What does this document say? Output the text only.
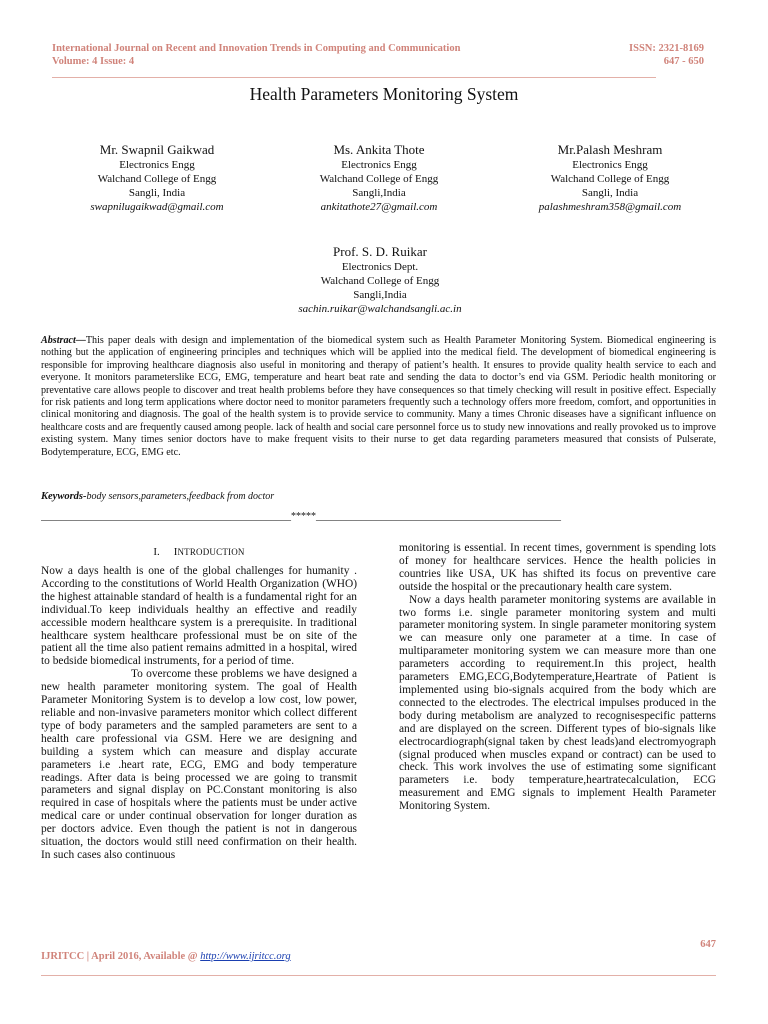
International Journal on Recent and Innovation Trends in Computing and Communication
Volume: 4 Issue: 4
ISSN: 2321-8169
647 - 650
Health Parameters Monitoring System
Mr. Swapnil Gaikwad
Electronics Engg
Walchand College of Engg
Sangli, India
swapnilugaikwad@gmail.com
Ms. Ankita Thote
Electronics Engg
Walchand College of Engg
Sangli,India
ankitathote27@gmail.com
Mr.Palash Meshram
Electronics Engg
Walchand College of Engg
Sangli, India
palashmeshram358@gmail.com
Prof. S. D. Ruikar
Electronics Dept.
Walchand College of Engg
Sangli,India
sachin.ruikar@walchandsangli.ac.in
Abstract—This paper deals with design and implementation of the biomedical system such as Health Parameter Monitoring System. Biomedical engineering is nothing but the application of engineering principles and techniques which will be applied into the medical field. The development of biomedical engineering is responsible for improving healthcare diagnosis also useful in monitoring and therapy of patient’s health. It ensures to provide quality health service to each and everyone. It monitors parameterslike ECG, EMG, temperature and heart beat rate and sending the data to doctor’s end via GSM. Periodic health monitoring or preventative care allows people to discover and treat health problems before they have consequences so that timely checking will result in positive effect. Especially for risk patients and long term applications where doctor need to monitor parameters frequently such a technology offers more freedom, comfort, and opportunities in clinical monitoring and diagnosis. The goal of the health system is to provide service to community. Many a times Chronic diseases have a significant influence on healthcare costs and are frequently caused among people. lack of health and social care personnel force us to study new innovations and really provoked us to improve existing system. Many times senior doctors have to make frequent visits to their nurse to get data regarding parameters measured that consists of Pulserate, Bodytemperature, ECG, EMG etc.
Keywords-body sensors,parameters,feedback from doctor
__________________________________________________*****_________________________________________________
I. INTRODUCTION

Now a days health is one of the global challenges for humanity . According to the constitutions of World Health Organization (WHO) the highest attainable standard of health is a fundamental right for an individual.To keep individuals healthy an effective and readily accessible modern healthcare system is a prerequisite. In traditional healthcare system healthcare professional must be on site of the patient all the time also patient remains admitted in a hospital, wired to bedside biomedical instruments, for a period of time.

To overcome these problems we have designed a new health parameter monitoring system. The goal of Health Parameter Monitoring System is to develop a low cost, low power, reliable and non-invasive parameters monitor which collect different type of body parameters and the sampled parameters are sent to a health care professional via GSM. Here we are designing and building a system which can measure and display accurate parameters i.e .heart rate, ECG, EMG and body temperature readings. After data is being processed we are going to transmit parameters and signal display on PC.Constant monitoring is also required in case of hospitals where the patients must be under active medical care or under continual observation for longer duration as per doctors advice. Even though the patient is not in dangerous situation, the doctors would still need confirmation on their health. In such cases also continuous

monitoring is essential. In recent times, government is spending lots of money for healthcare services. Hence the health policies in countries like USA, UK has shifted its focus on preventive care outside the hospital or the precautionary health care system.

Now a days health parameter monitoring systems are available in two forms i.e. single parameter monitoring system and multi parameter monitoring system. In single parameter monitoring system we can measure only one parameter at a time. In case of multiparameter monitoring system we can measure more than one parameters according to requirement.In this project, health parameters EMG,ECG,Bodytemperature,Heartrate of Patient is implemented using bio-signals acquired from the body which are connected to the electrodes. The electrical impulses produced in the body during metabolism are analyzed to recognisespecific patterns and are displayed on the screen. Different types of bio-signals like electrocardiograph(signal taken by chest leads)and electromyograph (signal produced when muscles expand or contract) can be used to check. This work involves the use of estimating some significant parameters i.e. body temperature,heartratecalculation, ECG measurement and EMG signals to implement Health Parameter Monitoring System.

647
IJRITCC | April 2016, Available @ http://www.ijritcc.org
